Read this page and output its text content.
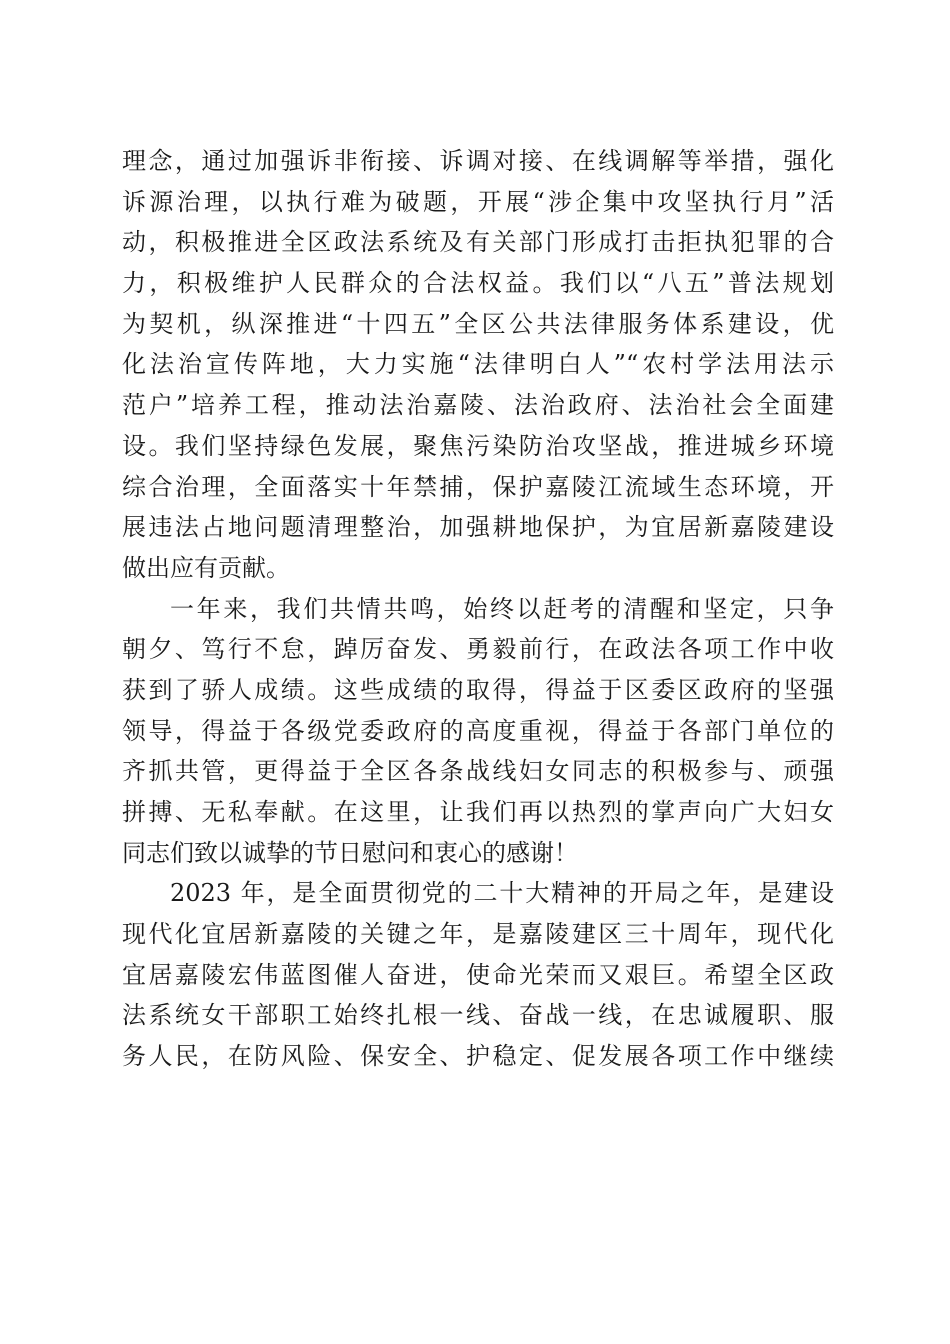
理念，通过加强诉非衔接、诉调对接、在线调解等举措，强化
诉源治理，以执行难为破题，开展“涉企集中攻坚执行月”活
动，积极推进全区政法系统及有关部门形成打击拒执犯罪的合
力，积极维护人民群众的合法权益。我们以“八五”普法规划
为契机，纵深推进“十四五”全区公共法律服务体系建设，优
化法治宣传阵地，大力实施“法律明白人”“农村学法用法示
范户”培养工程，推动法治嘉陵、法治政府、法治社会全面建
设。我们坚持绿色发展，聚焦污染防治攻坚战，推进城乡环境
综合治理，全面落实十年禁捕，保护嘉陵江流域生态环境，开
展违法占地问题清理整治，加强耕地保护，为宜居新嘉陵建设
做出应有贡献。
一年来，我们共情共鸣，始终以赶考的清醒和坚定，只争
朝夕、笃行不怠，踔厉奋发、勇毅前行，在政法各项工作中收
获到了骄人成绩。这些成绩的取得，得益于区委区政府的坚强
领导，得益于各级党委政府的高度重视，得益于各部门单位的
齐抓共管，更得益于全区各条战线妇女同志的积极参与、顽强
拼搏、无私奉献。在这里，让我们再以热烈的掌声向广大妇女
同志们致以诚挚的节日慰问和衷心的感谢！
2023 年，是全面贯彻党的二十大精神的开局之年，是建设
现代化宜居新嘉陵的关键之年，是嘉陵建区三十周年，现代化
宜居嘉陵宏伟蓝图催人奋进，使命光荣而又艰巨。希望全区政
法系统女干部职工始终扎根一线、奋战一线，在忠诚履职、服
务人民，在防风险、保安全、护稳定、促发展各项工作中继续
